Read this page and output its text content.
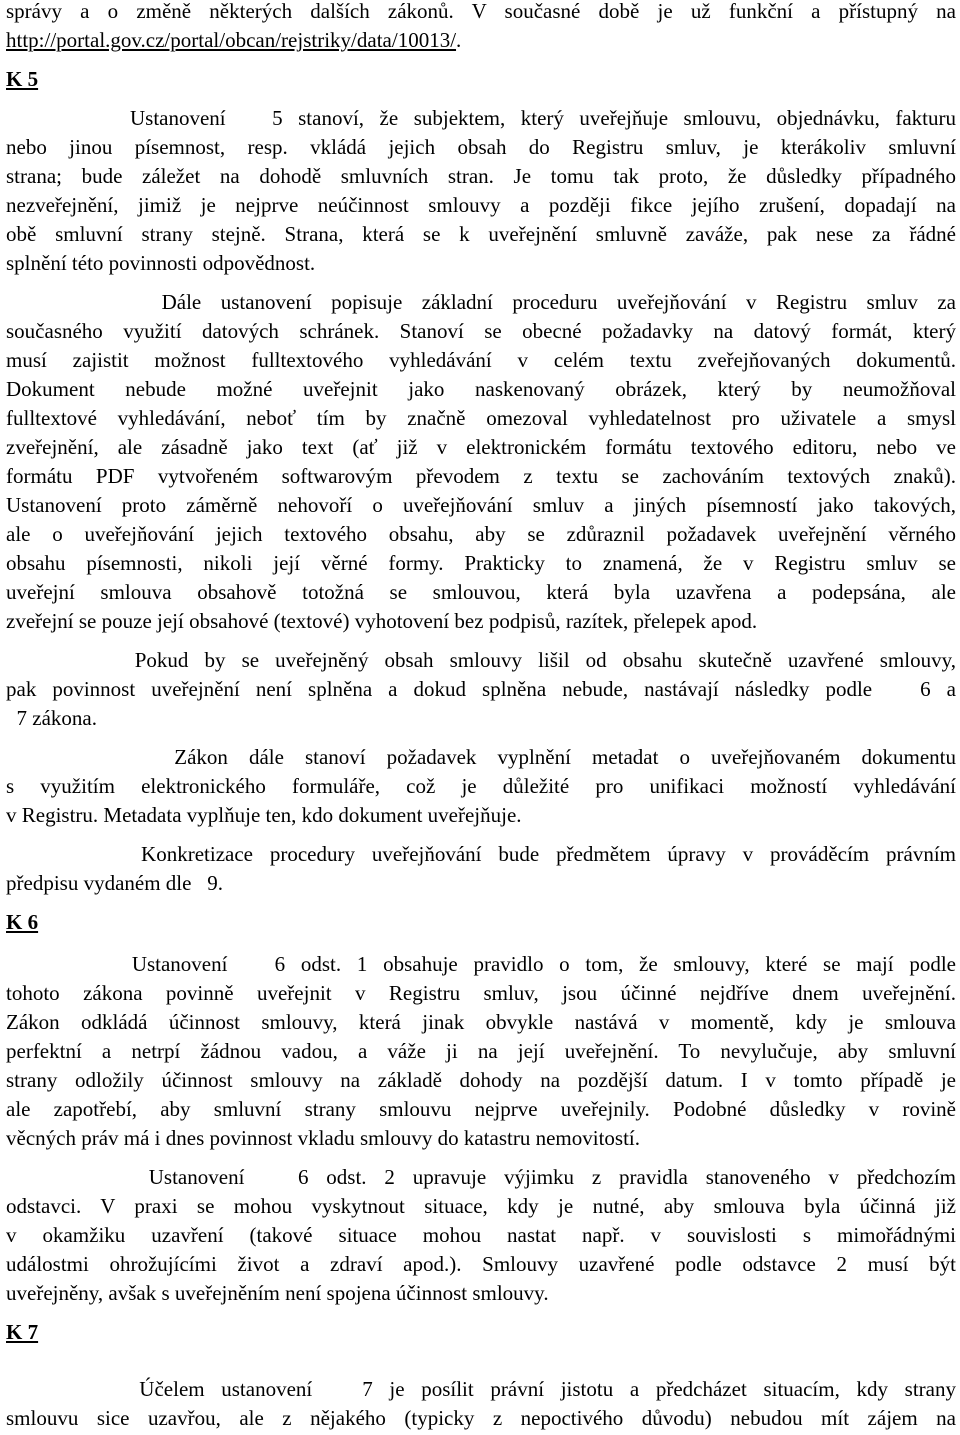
správy a o změně některých dalších zákonů. V současné době je už funkční a přístupný na
http://portal.gov.cz/portal/obcan/rejstriky/data/10013/.
K 5
Ustanovení   5 stanoví, že subjektem, který uveřejňuje smlouvu, objednávku, fakturu
nebo jinou písemnost, resp. vkládá jejich obsah do Registru smluv, je kterákoliv smluvní
strana; bude záležet na dohodě smluvních stran. Je tomu tak proto, že důsledky případného
nezveřejnění, jimiž je nejprve neúčinnost smlouvy a později fikce jejího zrušení, dopadají na
obě smluvní strany stejně. Strana, která se k uveřejnění smluvně zaváže, pak nese za řádné
splnění této povinnosti odpovědnost.
Dále ustanovení popisuje základní proceduru uveřejňování v Registru smluv za
současného využití datových schránek. Stanoví se obecné požadavky na datový formát, který
musí zajistit možnost fulltextového vyhledávání v celém textu zveřejňovaných dokumentů.
Dokument nebude možné uveřejnit jako naskenovaný obrázek, který by neumožňoval
fulltextové vyhledávání, neboť tím by značně omezoval vyhledatelnost pro uživatele a smysl
zveřejnění, ale zásadně jako text (ať již v elektronickém formátu textového editoru, nebo ve
formátu PDF vytvořeném softwarovým převodem z textu se zachováním textových znaků).
Ustanovení proto záměrně nehovoří o uveřejňování smluv a jiných písemností jako takových,
ale o uveřejňování jejich textového obsahu, aby se zdůraznil požadavek uveřejnění věrného
obsahu písemnosti, nikoli její věrné formy. Prakticky to znamená, že v Registru smluv se
uveřejní smlouva obsahově totožná se smlouvou, která byla uzavřena a podepsána, ale
zveřejní se pouze její obsahové (textové) vyhotovení bez podpisů, razítek, přelepek apod.
Pokud by se uveřejněný obsah smlouvy lišil od obsahu skutečně uzavřené smlouvy,
pak povinnost uveřejnění není splněna a dokud splněna nebude, nastávají následky podle   6 a
7 zákona.
Zákon dále stanoví požadavek vyplnění metadat o uveřejňovaném dokumentu
s využitím elektronického formuláře, což je důležité pro unifikaci možností vyhledávání
v Registru. Metadata vyplňuje ten, kdo dokument uveřejňuje.
Konkretizace procedury uveřejňování bude předmětem úpravy v prováděcím právním
předpisu vydaném dle   9.
K 6
Ustanovení   6 odst. 1 obsahuje pravidlo o tom, že smlouvy, které se mají podle
tohoto zákona povinně uveřejnit v Registru smluv, jsou účinné nejdříve dnem uveřejnění.
Zákon odkládá účinnost smlouvy, která jinak obvykle nastává v momentě, kdy je smlouva
perfektní a netrpí žádnou vadou, a váže ji na její uveřejnění. To nevylučuje, aby smluvní
strany odložily účinnost smlouvy na základě dohody na pozdější datum. I v tomto případě je
ale zapotřebí, aby smluvní strany smlouvu nejprve uveřejnily. Podobné důsledky v rovině
věcných práv má i dnes povinnost vkladu smlouvy do katastru nemovitostí.
Ustanovení   6 odst. 2 upravuje výjimku z pravidla stanoveného v předchozím
odstavci. V praxi se mohou vyskytnout situace, kdy je nutné, aby smlouva byla účinná již
v okamžiku uzavření (takové situace mohou nastat např. v souvislosti s mimořádnými
událostmi ohrožujícími život a zdraví apod.). Smlouvy uzavřené podle odstavce 2 musí být
uveřejněny, avšak s uveřejněním není spojena účinnost smlouvy.
K 7
Účelem ustanovení   7 je posílit právní jistotu a předcházet situacím, kdy strany
smlouvu sice uzavřou, ale z nějakého (typicky z nepoctivého důvodu) nebudou mít zájem na
